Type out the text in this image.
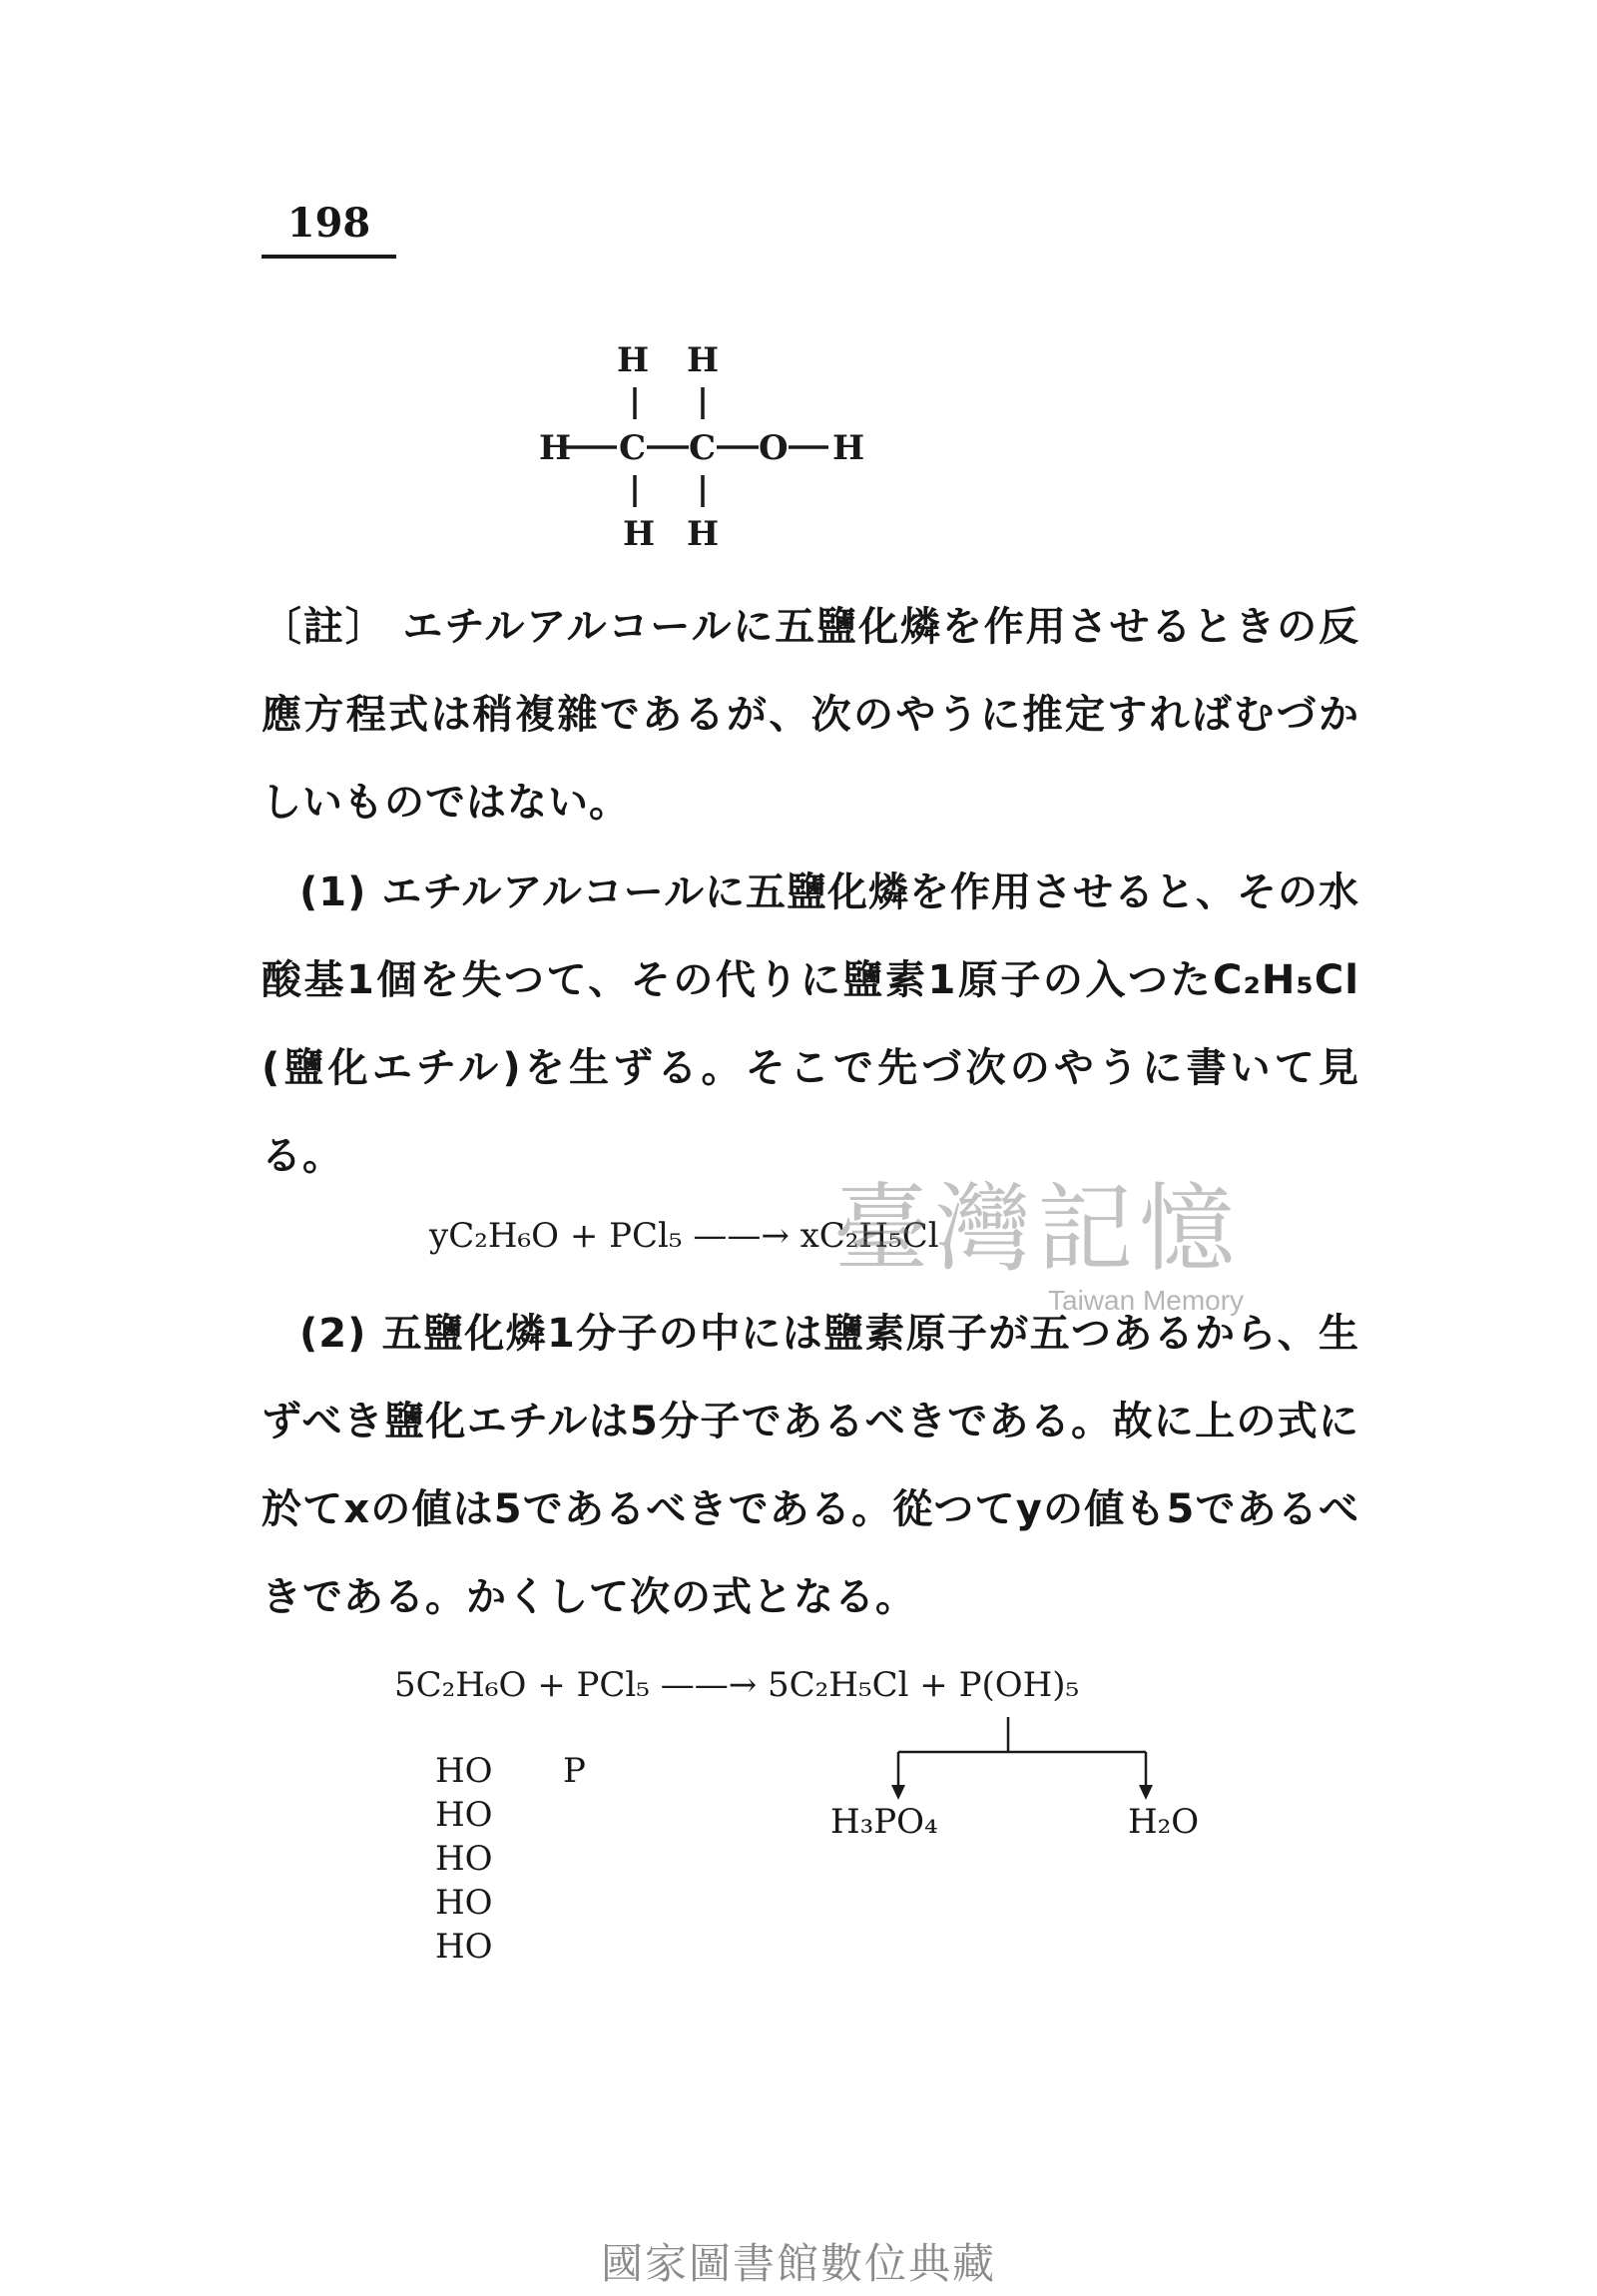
198
H H
H C C O H
H H

〔註〕 エチルアルコールに五鹽化燐を作用させるときの反應方程式は稍複雜であるが、次のやうに推定すればむづかしいものではない。

(1) エチルアルコールに五鹽化燐を作用させると、その水酸基1個を失つて、その代りに鹽素1原子の入つたC₂H₅Cl (鹽化エチル)を生ずる。そこで先づ次のやうに書いて見る。

yC₂H₆O + PCl₅ ——→ xC₂H₅Cl
臺灣記憶
Taiwan Memory

(2) 五鹽化燐1分子の中には鹽素原子が五つあるから、生ずべき鹽化エチルは5分子であるべきである。故に上の式に於てxの値は5であるべきである。從つてyの値も5であるべきである。かくして次の式となる。

5C₂H₆O + PCl₅ ——→ 5C₂H₅Cl + P(OH)₅
HO
HO
HO
HO
HO
P
H₃PO₄	H₂O
國家圖書館數位典藏
